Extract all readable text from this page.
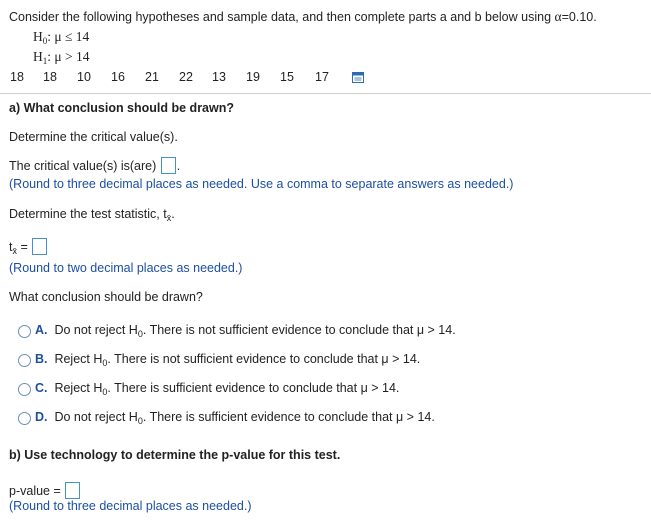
Consider the following hypotheses and sample data, and then complete parts a and b below using α=0.10.
$H_0$: μ ≤ 14
$H_1$: μ > 14
18 18 10 16 21 22 13 19 15 17
a) What conclusion should be drawn?
Determine the critical value(s).
The critical value(s) is(are) .
(Round to three decimal places as needed. Use a comma to separate answers as needed.)
Determine the test statistic, $t_{x̄}$.
$t_{x̄}$ =
(Round to two decimal places as needed.)
What conclusion should be drawn?
A. Do not reject $H_0$. There is not sufficient evidence to conclude that μ > 14.
B. Reject $H_0$. There is not sufficient evidence to conclude that μ > 14.
C. Reject $H_0$. There is sufficient evidence to conclude that μ > 14.
D. Do not reject $H_0$. There is sufficient evidence to conclude that μ > 14.
b) Use technology to determine the p-value for this test.
p-value =
(Round to three decimal places as needed.)
